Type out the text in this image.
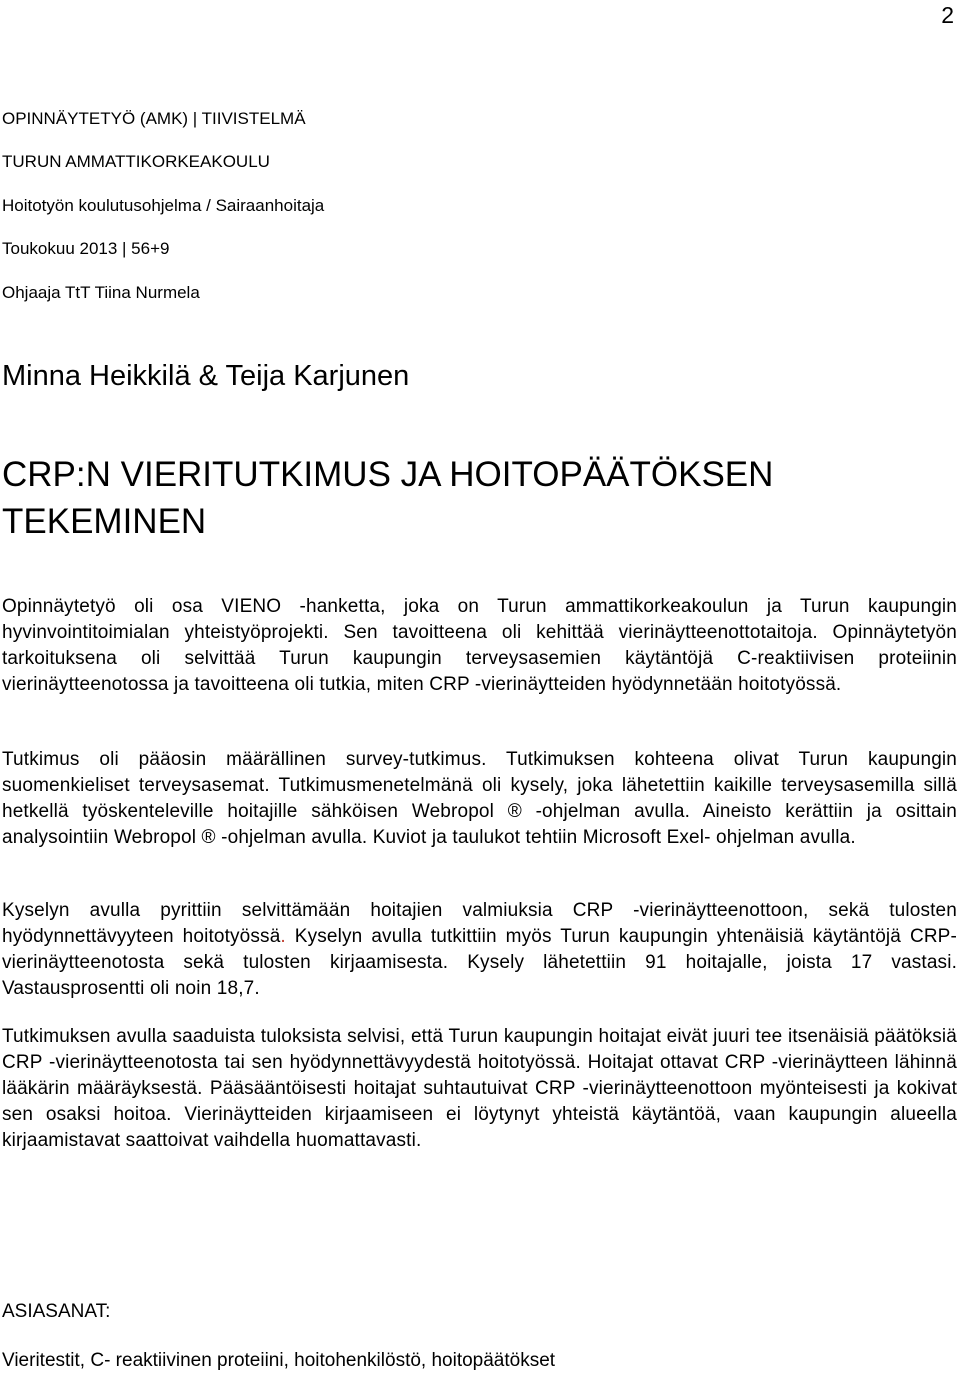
2
OPINNÄYTETYÖ (AMK) | TIIVISTELMÄ
TURUN AMMATTIKORKEAKOULU
Hoitotyön koulutusohjelma / Sairaanhoitaja
Toukokuu 2013 | 56+9
Ohjaaja TtT Tiina Nurmela
Minna Heikkilä & Teija Karjunen
CRP:N VIERITUTKIMUS JA HOITOPÄÄTÖKSEN
TEKEMINEN

Opinnäytetyö oli osa VIENO -hanketta, joka on Turun ammattikorkeakoulun ja Turun kaupungin hyvinvointitoimialan yhteistyöprojekti. Sen tavoitteena oli kehittää vierinäytteenottotaitoja. Opinnäytetyön tarkoituksena oli selvittää Turun kaupungin terveysasemien käytäntöjä C-reaktiivisen proteiinin vierinäytteenotossa ja tavoitteena oli tutkia, miten CRP -vierinäytteiden hyödynnetään hoitotyössä.

Tutkimus oli pääosin määrällinen survey-tutkimus. Tutkimuksen kohteena olivat Turun kaupungin suomenkieliset terveysasemat. Tutkimusmenetelmänä oli kysely, joka lähetettiin kaikille terveysasemilla sillä hetkellä työskenteleville hoitajille sähköisen Webropol ® -ohjelman avulla. Aineisto kerättiin ja osittain analysointiin Webropol ® -ohjelman avulla. Kuviot ja taulukot tehtiin Microsoft Exel- ohjelman avulla.

Kyselyn avulla pyrittiin selvittämään hoitajien valmiuksia CRP -vierinäytteenottoon, sekä tulosten hyödynnettävyyteen hoitotyössä. Kyselyn avulla tutkittiin myös Turun kaupungin yhtenäisiä käytäntöjä CRP- vierinäytteenotosta sekä tulosten kirjaamisesta. Kysely lähetettiin 91 hoitajalle, joista 17 vastasi. Vastausprosentti oli noin 18,7.

Tutkimuksen avulla saaduista tuloksista selvisi, että Turun kaupungin hoitajat eivät juuri tee itsenäisiä päätöksiä CRP -vierinäytteenotosta tai sen hyödynnettävyydestä hoitotyössä. Hoitajat ottavat CRP -vierinäytteen lähinnä lääkärin määräyksestä. Pääsääntöisesti hoitajat suhtautuivat CRP -vierinäytteenottoon myönteisesti ja kokivat sen osaksi hoitoa. Vierinäytteiden kirjaamiseen ei löytynyt yhteistä käytäntöä, vaan kaupungin alueella kirjaamistavat saattoivat vaihdella huomattavasti.

ASIASANAT:
Vieritestit, C- reaktiivinen proteiini, hoitohenkilöstö, hoitopäätökset
